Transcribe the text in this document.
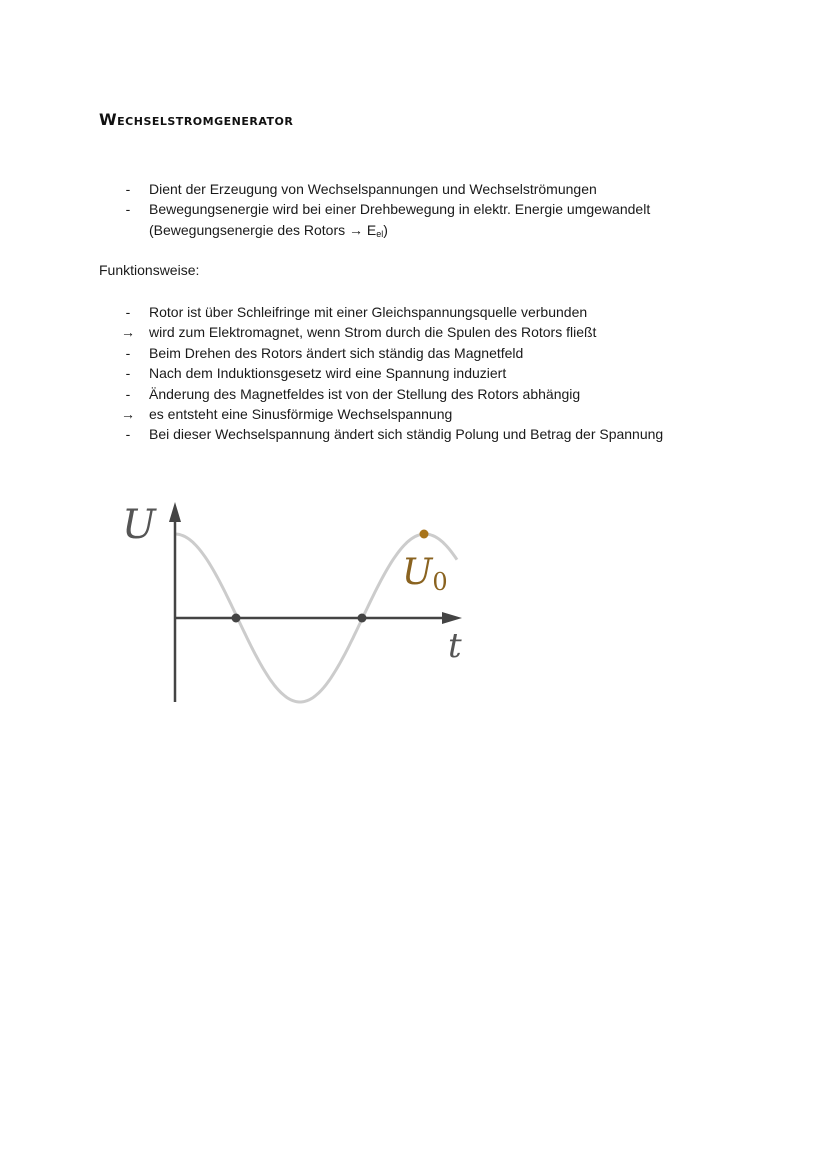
Wechselstromgenerator
-	Dient der Erzeugung von Wechselspannungen und Wechselströmungen
-	Bewegungsenergie wird bei einer Drehbewegung in elektr. Energie umgewandelt
(Bewegungsenergie des Rotors → $E_{el}$)
Funktionsweise:
-	Rotor ist über Schleifringe mit einer Gleichspannungsquelle verbunden
→ wird zum Elektromagnet, wenn Strom durch die Spulen des Rotors fließt
-	Beim Drehen des Rotors ändert sich ständig das Magnetfeld
-	Nach dem Induktionsgesetz wird eine Spannung induziert
-	Änderung des Magnetfeldes ist von der Stellung des Rotors abhängig
→ es entsteht eine Sinusförmige Wechselspannung
-	Bei dieser Wechselspannung ändert sich ständig Polung und Betrag der Spannung
U
t
U0
